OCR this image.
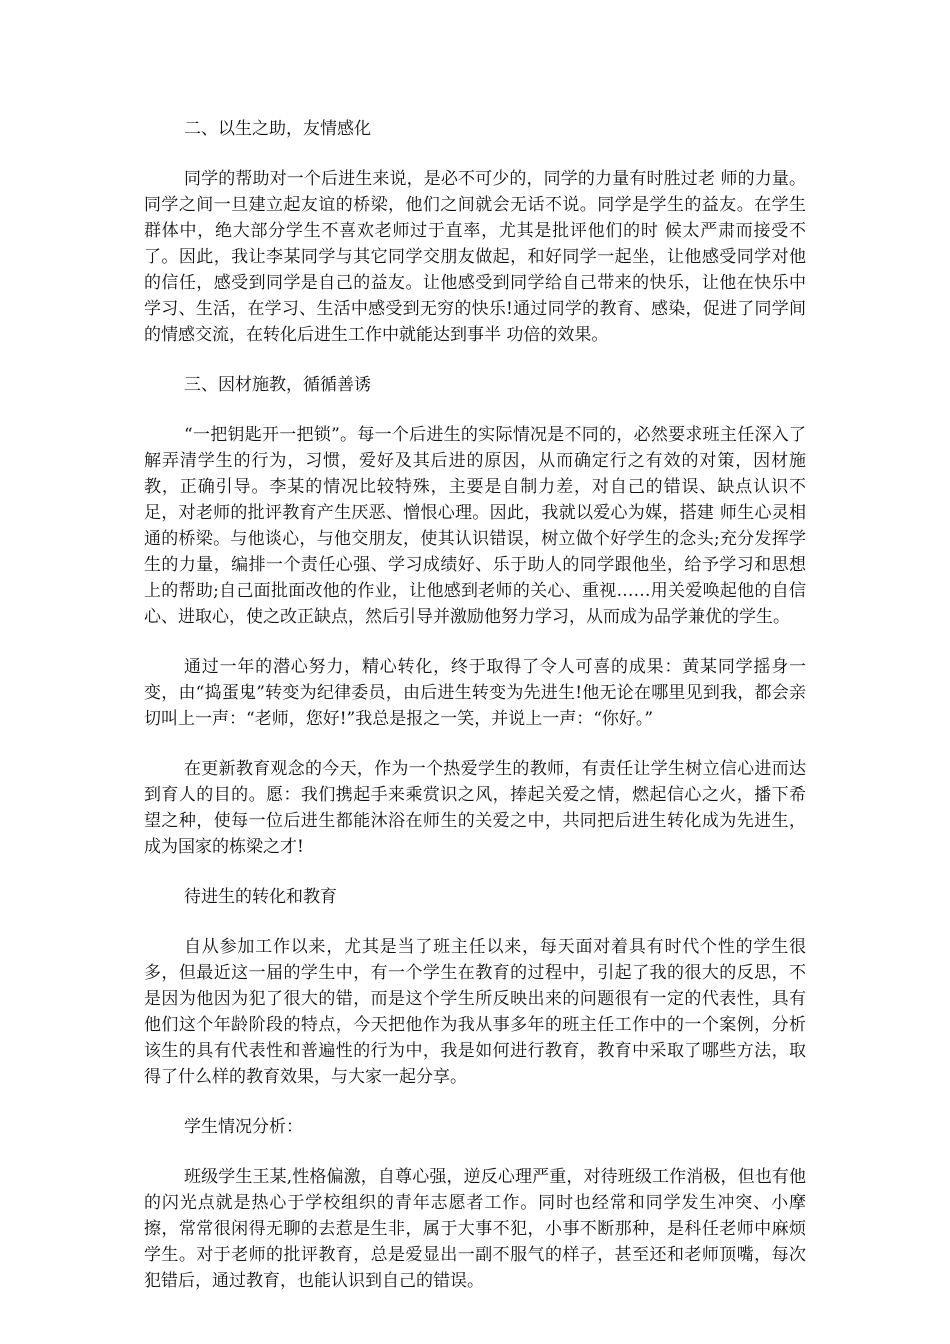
二、以生之助，友情感化

同学的帮助对一个后进生来说，是必不可少的，同学的力量有时胜过老 师的力量。同学之间一旦建立起友谊的桥梁，他们之间就会无话不说。同学是学生的益友。在学生群体中，绝大部分学生不喜欢老师过于直率，尤其是批评他们的时 候太严肃而接受不了。因此，我让李某同学与其它同学交朋友做起，和好同学一起坐，让他感受同学对他的信任，感受到同学是自己的益友。让他感受到同学给自己带来的快乐，让他在快乐中学习、生活，在学习、生活中感受到无穷的快乐!通过同学的教育、感染，促进了同学间的情感交流，在转化后进生工作中就能达到事半 功倍的效果。

三、因材施教，循循善诱

“一把钥匙开一把锁”。每一个后进生的实际情况是不同的，必然要求班主任深入了解弄清学生的行为，习惯，爱好及其后进的原因，从而确定行之有效的对策，因材施教，正确引导。李某的情况比较特殊，主要是自制力差，对自己的错误、缺点认识不足，对老师的批评教育产生厌恶、憎恨心理。因此，我就以爱心为媒，搭建 师生心灵相通的桥梁。与他谈心，与他交朋友，使其认识错误，树立做个好学生的念头;充分发挥学生的力量，编排一个责任心强、学习成绩好、乐于助人的同学跟他坐，给予学习和思想上的帮助;自己面批面改他的作业，让他感到老师的关心、重视……用关爱唤起他的自信心、进取心，使之改正缺点，然后引导并激励他努力学习，从而成为品学兼优的学生。

通过一年的潜心努力，精心转化，终于取得了令人可喜的成果：黄某同学摇身一变，由“捣蛋鬼”转变为纪律委员，由后进生转变为先进生!他无论在哪里见到我，都会亲切叫上一声：“老师，您好!”我总是报之一笑，并说上一声：“你好。”

在更新教育观念的今天，作为一个热爱学生的教师，有责任让学生树立信心进而达到育人的目的。愿：我们携起手来乘赏识之风，捧起关爱之情，燃起信心之火，播下希望之种，使每一位后进生都能沐浴在师生的关爱之中，共同把后进生转化成为先进生，成为国家的栋梁之才!

待进生的转化和教育

自从参加工作以来，尤其是当了班主任以来，每天面对着具有时代个性的学生很多，但最近这一届的学生中，有一个学生在教育的过程中，引起了我的很大的反思，不是因为他因为犯了很大的错，而是这个学生所反映出来的问题很有一定的代表性，具有他们这个年龄阶段的特点，今天把他作为我从事多年的班主任工作中的一个案例，分析该生的具有代表性和普遍性的行为中，我是如何进行教育，教育中采取了哪些方法，取得了什么样的教育效果，与大家一起分享。

学生情况分析：

班级学生王某,性格偏激，自尊心强，逆反心理严重，对待班级工作消极，但也有他的闪光点就是热心于学校组织的青年志愿者工作。同时也经常和同学发生冲突、小摩擦，常常很闲得无聊的去惹是生非，属于大事不犯，小事不断那种，是科任老师中麻烦学生。对于老师的批评教育，总是爱显出一副不服气的样子，甚至还和老师顶嘴，每次犯错后，通过教育，也能认识到自己的错误。
